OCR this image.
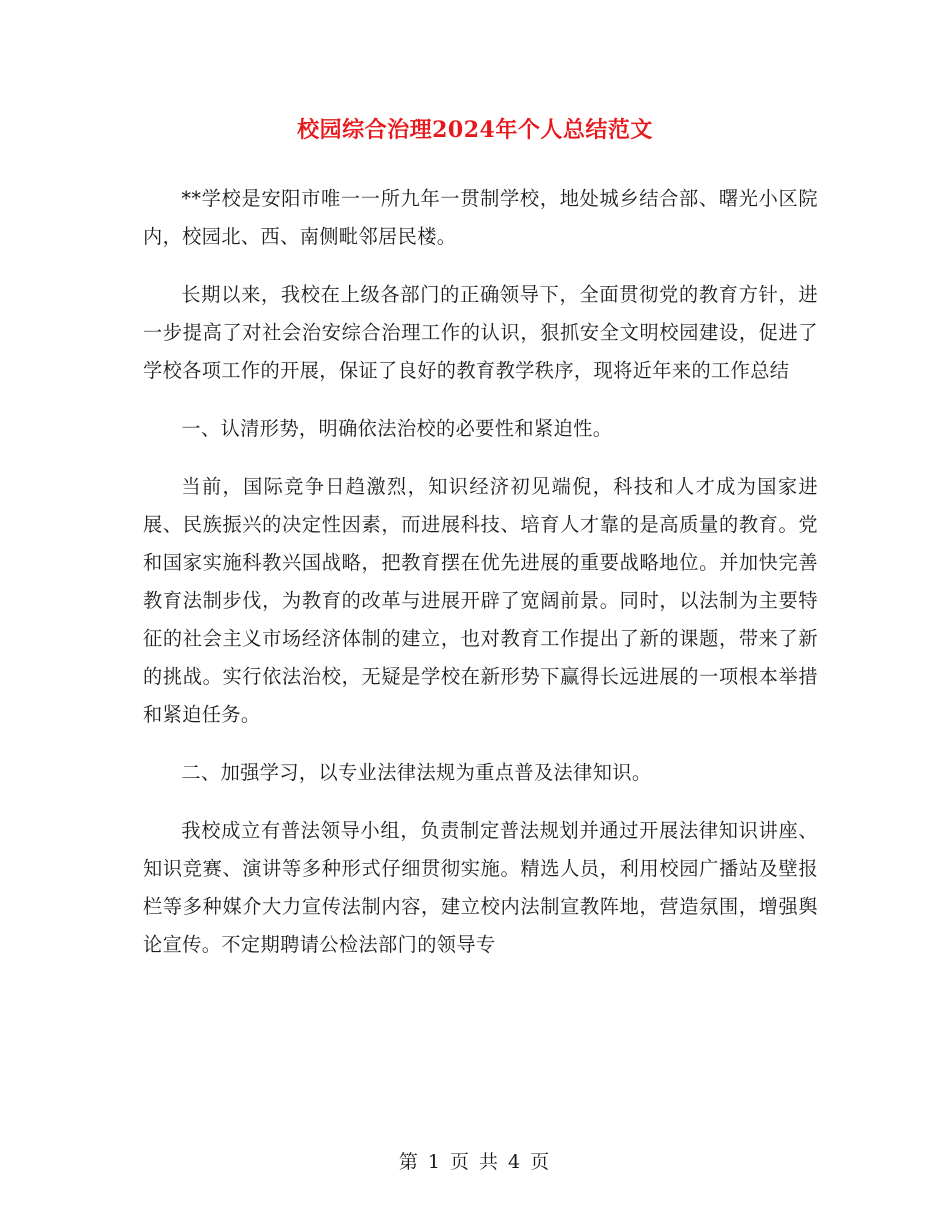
校园综合治理2024年个人总结范文

**学校是安阳市唯一一所九年一贯制学校，地处城乡结合部、曙光小区院内，校园北、西、南侧毗邻居民楼。

长期以来，我校在上级各部门的正确领导下，全面贯彻党的教育方针，进一步提高了对社会治安综合治理工作的认识，狠抓安全文明校园建设，促进了学校各项工作的开展，保证了良好的教育教学秩序，现将近年来的工作总结

一、认清形势，明确依法治校的必要性和紧迫性。

当前，国际竞争日趋激烈，知识经济初见端倪，科技和人才成为国家进展、民族振兴的决定性因素，而进展科技、培育人才靠的是高质量的教育。党和国家实施科教兴国战略，把教育摆在优先进展的重要战略地位。并加快完善教育法制步伐，为教育的改革与进展开辟了宽阔前景。同时，以法制为主要特征的社会主义市场经济体制的建立，也对教育工作提出了新的课题，带来了新的挑战。实行依法治校，无疑是学校在新形势下赢得长远进展的一项根本举措和紧迫任务。

二、加强学习，以专业法律法规为重点普及法律知识。

我校成立有普法领导小组，负责制定普法规划并通过开展法律知识讲座、知识竞赛、演讲等多种形式仔细贯彻实施。精选人员，利用校园广播站及壁报栏等多种媒介大力宣传法制内容，建立校内法制宣教阵地，营造氛围，增强舆论宣传。不定期聘请公检法部门的领导专

第 1 页 共 4 页
